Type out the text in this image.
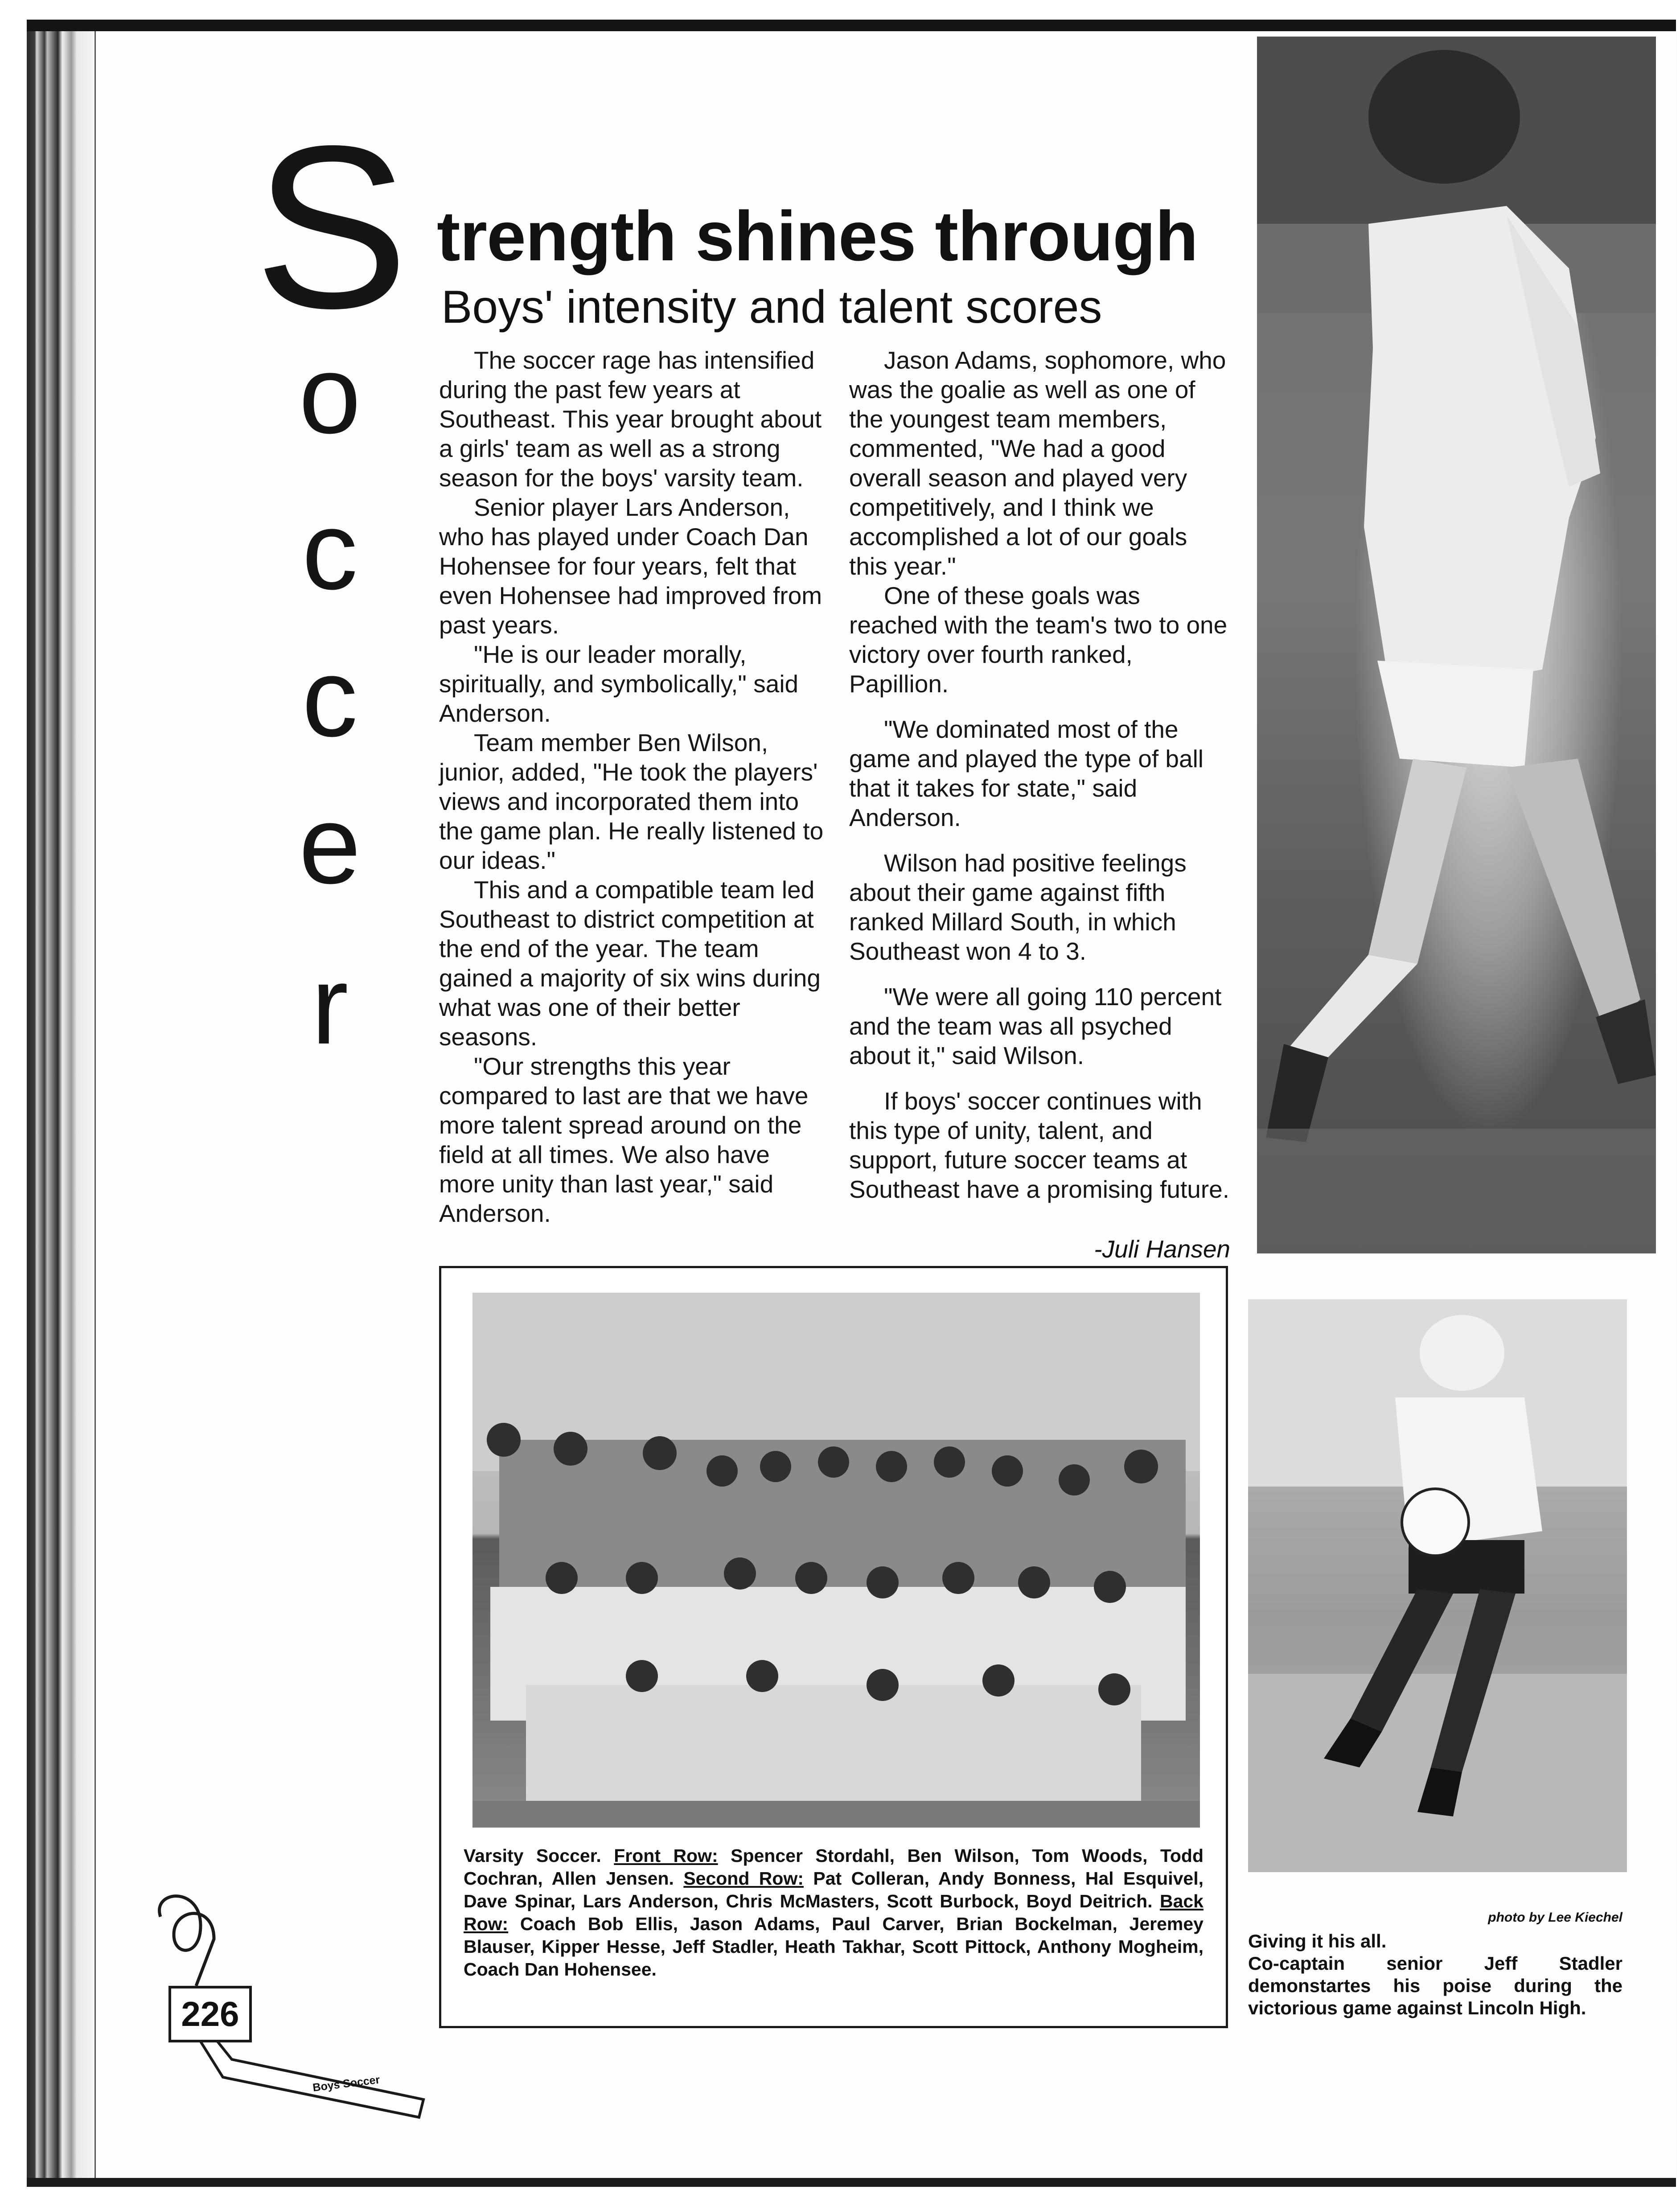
S
o
c
c
e
r
trength shines through
Boys' intensity and talent scores

The soccer rage has intensified during the past few years at Southeast. This year brought about a girls' team as well as a strong season for the boys' varsity team.

Senior player Lars Anderson, who has played under Coach Dan Hohensee for four years, felt that even Hohensee had improved from past years.

"He is our leader morally, spiritually, and symbolically," said Anderson.

Team member Ben Wilson, junior, added, "He took the players' views and incorporated them into the game plan. He really listened to our ideas."

This and a compatible team led Southeast to district competition at the end of the year. The team gained a majority of six wins during what was one of their better seasons.

"Our strengths this year compared to last are that we have more talent spread around on the field at all times. We also have more unity than last year," said Anderson.

Jason Adams, sophomore, who was the goalie as well as one of the youngest team members, commented, "We had a good overall season and played very competitively, and I think we accomplished a lot of our goals this year."

One of these goals was reached with the team's two to one victory over fourth ranked, Papillion.

"We dominated most of the game and played the type of ball that it takes for state," said Anderson.

Wilson had positive feelings about their game against fifth ranked Millard South, in which Southeast won 4 to 3.

"We were all going 110 percent and the team was all psyched about it," said Wilson.

If boys' soccer continues with this type of unity, talent, and support, future soccer teams at Southeast have a promising future.

-Juli Hansen
Varsity Soccer. Front Row: Spencer Stordahl, Ben Wilson, Tom Woods, Todd Cochran, Allen Jensen. Second Row: Pat Colleran, Andy Bonness, Hal Esquivel, Dave Spinar, Lars Anderson, Chris McMasters, Scott Burbock, Boyd Deitrich. Back Row: Coach Bob Ellis, Jason Adams, Paul Carver, Brian Bockelman, Jeremey Blauser, Kipper Hesse, Jeff Stadler, Heath Takhar, Scott Pittock, Anthony Mogheim, Coach Dan Hohensee.
photo by Lee Kiechel
Giving it his all.
Co-captain senior Jeff Stadler demonstartes his poise during the victorious game against Lincoln High.
226
Boys Soccer
